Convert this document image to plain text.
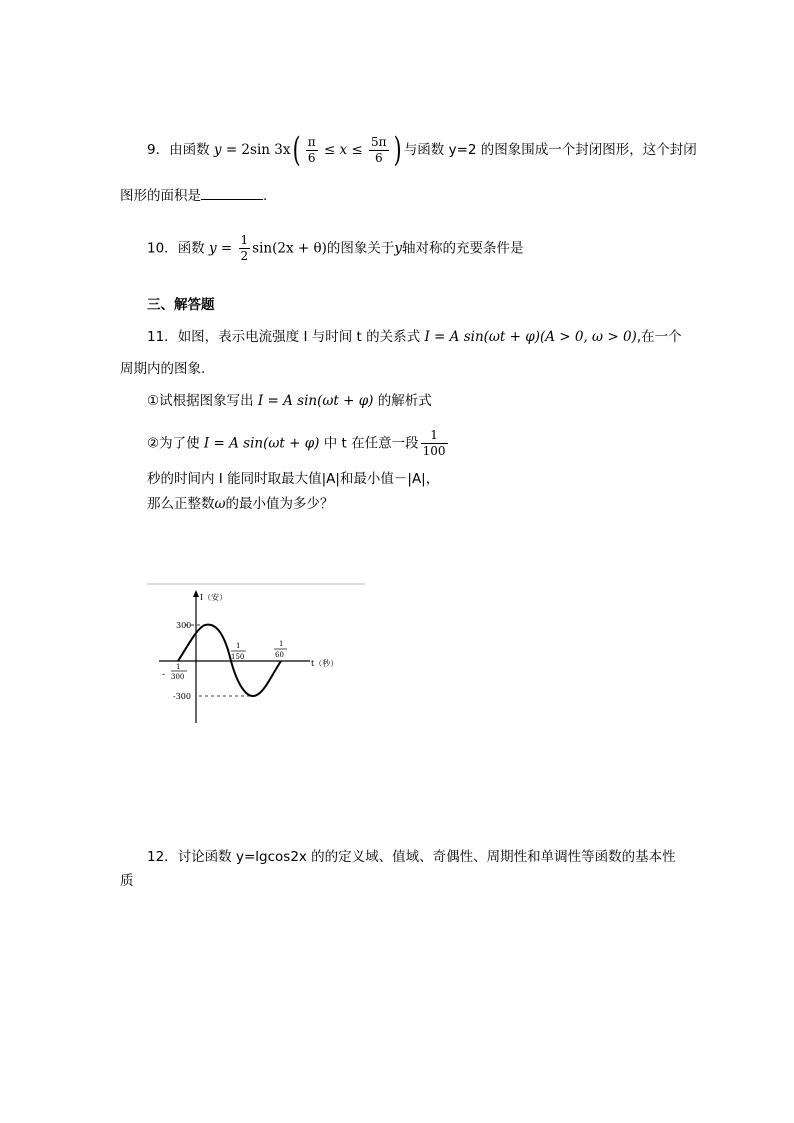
9．由函数 y = 2sin $3x( \frac{\pi}{6} \le x \le \frac{5\pi}{6}$ ) 与函数 y=2 的图象围成一个封闭图形，这个封闭
图形的面积是	.
10．函数 $y = \frac{1}{2} \sin(2x + \theta)$的图象关于y轴对称的充要条件是
三、解答题
11．如图，表示电流强度 I 与时间 t 的关系式 I = A sin(ωt + φ)(A > 0, ω > 0),在一个
周期内的图象.
①试根据图象写出 I = A sin(ωt + φ) 的解析式
②为了使 I = A sin(ωt + φ) 中 t 在任意一段 $\frac{1}{100}$
秒的时间内 I 能同时取最大值|A|和最小值－|A|，
那么正整数ω的最小值为多少？
I（安）
t（秒）
300
-300
-
1
300
1
150
1
60
12．讨论函数 y=lgcos2x 的的定义域、值域、奇偶性、周期性和单调性等函数的基本性
质
